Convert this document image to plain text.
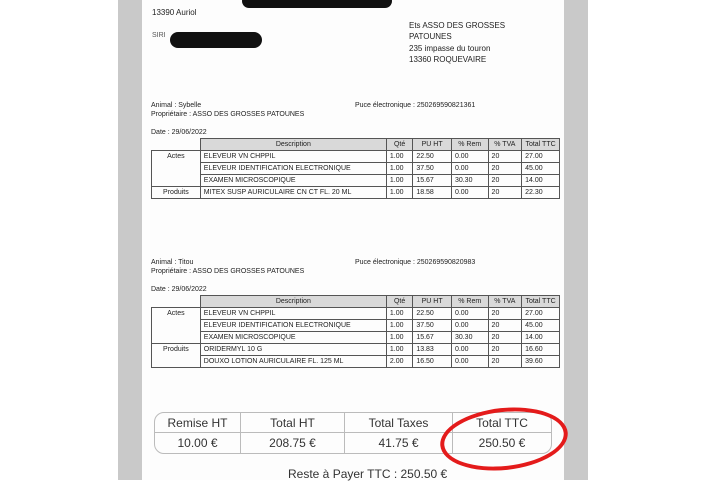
13390 Auriol
SIRI
Ets ASSO DES GROSSES
PATOUNES
235 impasse du touron
13360 ROQUEVAIRE
Animal : Sybelle	Puce électronique : 250269590821361
Propriétaire : ASSO DES GROSSES PATOUNES
Date : 29/06/2022
	Description	Qté	PU HT	% Rem	% TVA	Total TTC
Actes	ELEVEUR VN CHPPIL	1.00	22.50	0.00	20	27.00
	ELEVEUR IDENTIFICATION ELECTRONIQUE	1.00	37.50	0.00	20	45.00
	EXAMEN MICROSCOPIQUE	1.00	15.67	30.30	20	14.00
Produits	MITEX SUSP AURICULAIRE CN CT FL. 20 ML	1.00	18.58	0.00	20	22.30
Animal : Titou	Puce électronique : 250269590820983
Propriétaire : ASSO DES GROSSES PATOUNES
Date : 29/06/2022
	Description	Qté	PU HT	% Rem	% TVA	Total TTC
Actes	ELEVEUR VN CHPPIL	1.00	22.50	0.00	20	27.00
	ELEVEUR IDENTIFICATION ELECTRONIQUE	1.00	37.50	0.00	20	45.00
	EXAMEN MICROSCOPIQUE	1.00	15.67	30.30	20	14.00
Produits	ORIDERMYL 10 G	1.00	13.83	0.00	20	16.60
	DOUXO LOTION AURICULAIRE FL. 125 ML	2.00	16.50	0.00	20	39.60
Remise HT	Total HT	Total Taxes	Total TTC
10.00 €	208.75 €	41.75 €	250.50 €
Reste à Payer TTC : 250.50 €
